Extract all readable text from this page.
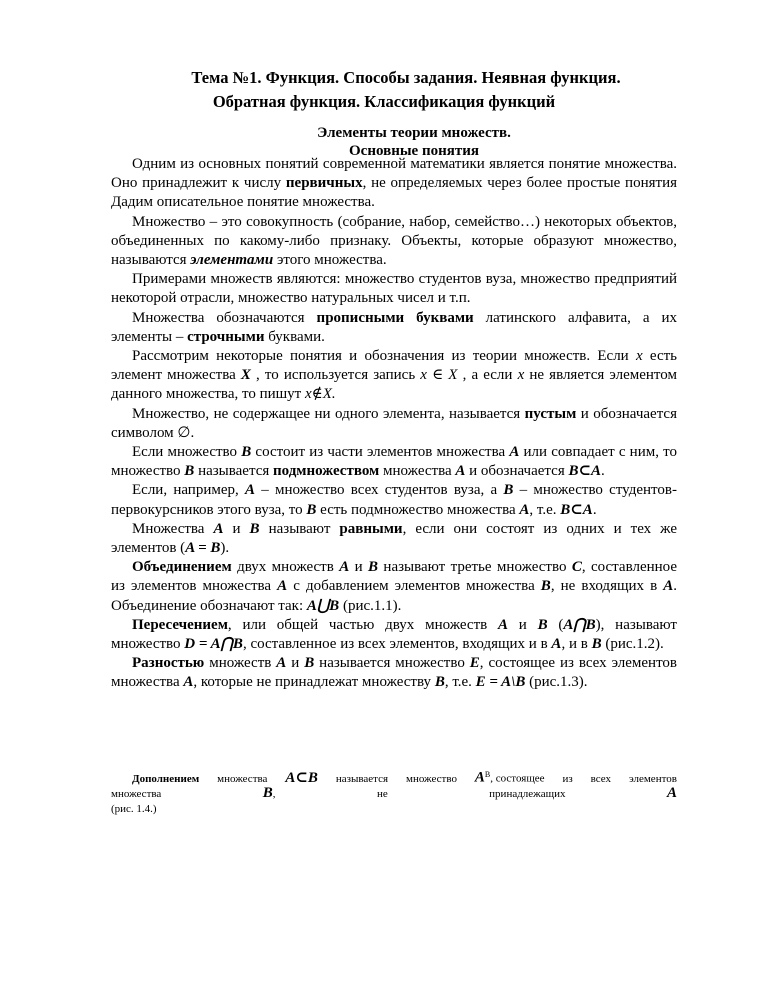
Тема №1. Функция. Способы задания. Неявная функция.
Обратная функция. Классификация функций
Элементы теории множеств.
Основные понятия

Одним из основных понятий современной математики является понятие множества. Оно принадлежит к числу первичных, не определяемых через более простые понятия Дадим описательное понятие множества.

Множество – это совокупность (собрание, набор, семейство…) некоторых объектов, объединенных по какому-либо признаку. Объекты, которые образуют множество, называются элементами этого множества.

Примерами множеств являются: множество студентов вуза, множество предприятий некоторой отрасли, множество натуральных чисел и т.п.

Множества обозначаются прописными буквами латинского алфавита, а их элементы – строчными буквами.

Рассмотрим некоторые понятия и обозначения из теории множеств. Если x есть элемент множества X , то используется запись x ∈ X , а если x не является элементом данного множества, то пишут x∉X.

Множество, не содержащее ни одного элемента, называется пустым и обозначается символом ∅.

Если множество B состоит из части элементов множества A или совпадает с ним, то множество B называется подмножеством множества A и обозначается B⊂A.

Если, например, A – множество всех студентов вуза, а B – множество студентов-первокурсников этого вуза, то B есть подмножество множества A, т.е. B⊂A.

Множества A и B называют равными, если они состоят из одних и тех же элементов (A = B).

Объединением двух множеств A и B называют третье множество C, составленное из элементов множества A с добавлением элементов множества B, не входящих в A. Объединение обозначают так: A⋃B (рис.1.1).

Пересечением, или общей частью двух множеств A и B (A⋂B), называют множество D = A⋂B, составленное из всех элементов, входящих и в A, и в B (рис.1.2).

Разностью множеств A и B называется множество E, состоящее из всех элементов множества A, которые не принадлежат множеству B, т.е. E = A\B (рис.1.3).

Дополнением множества A⊂B называется множество $A^B$, состоящее из всех элементов
множества	B,	не	принадлежащих	A
(рис. 1.4.)
